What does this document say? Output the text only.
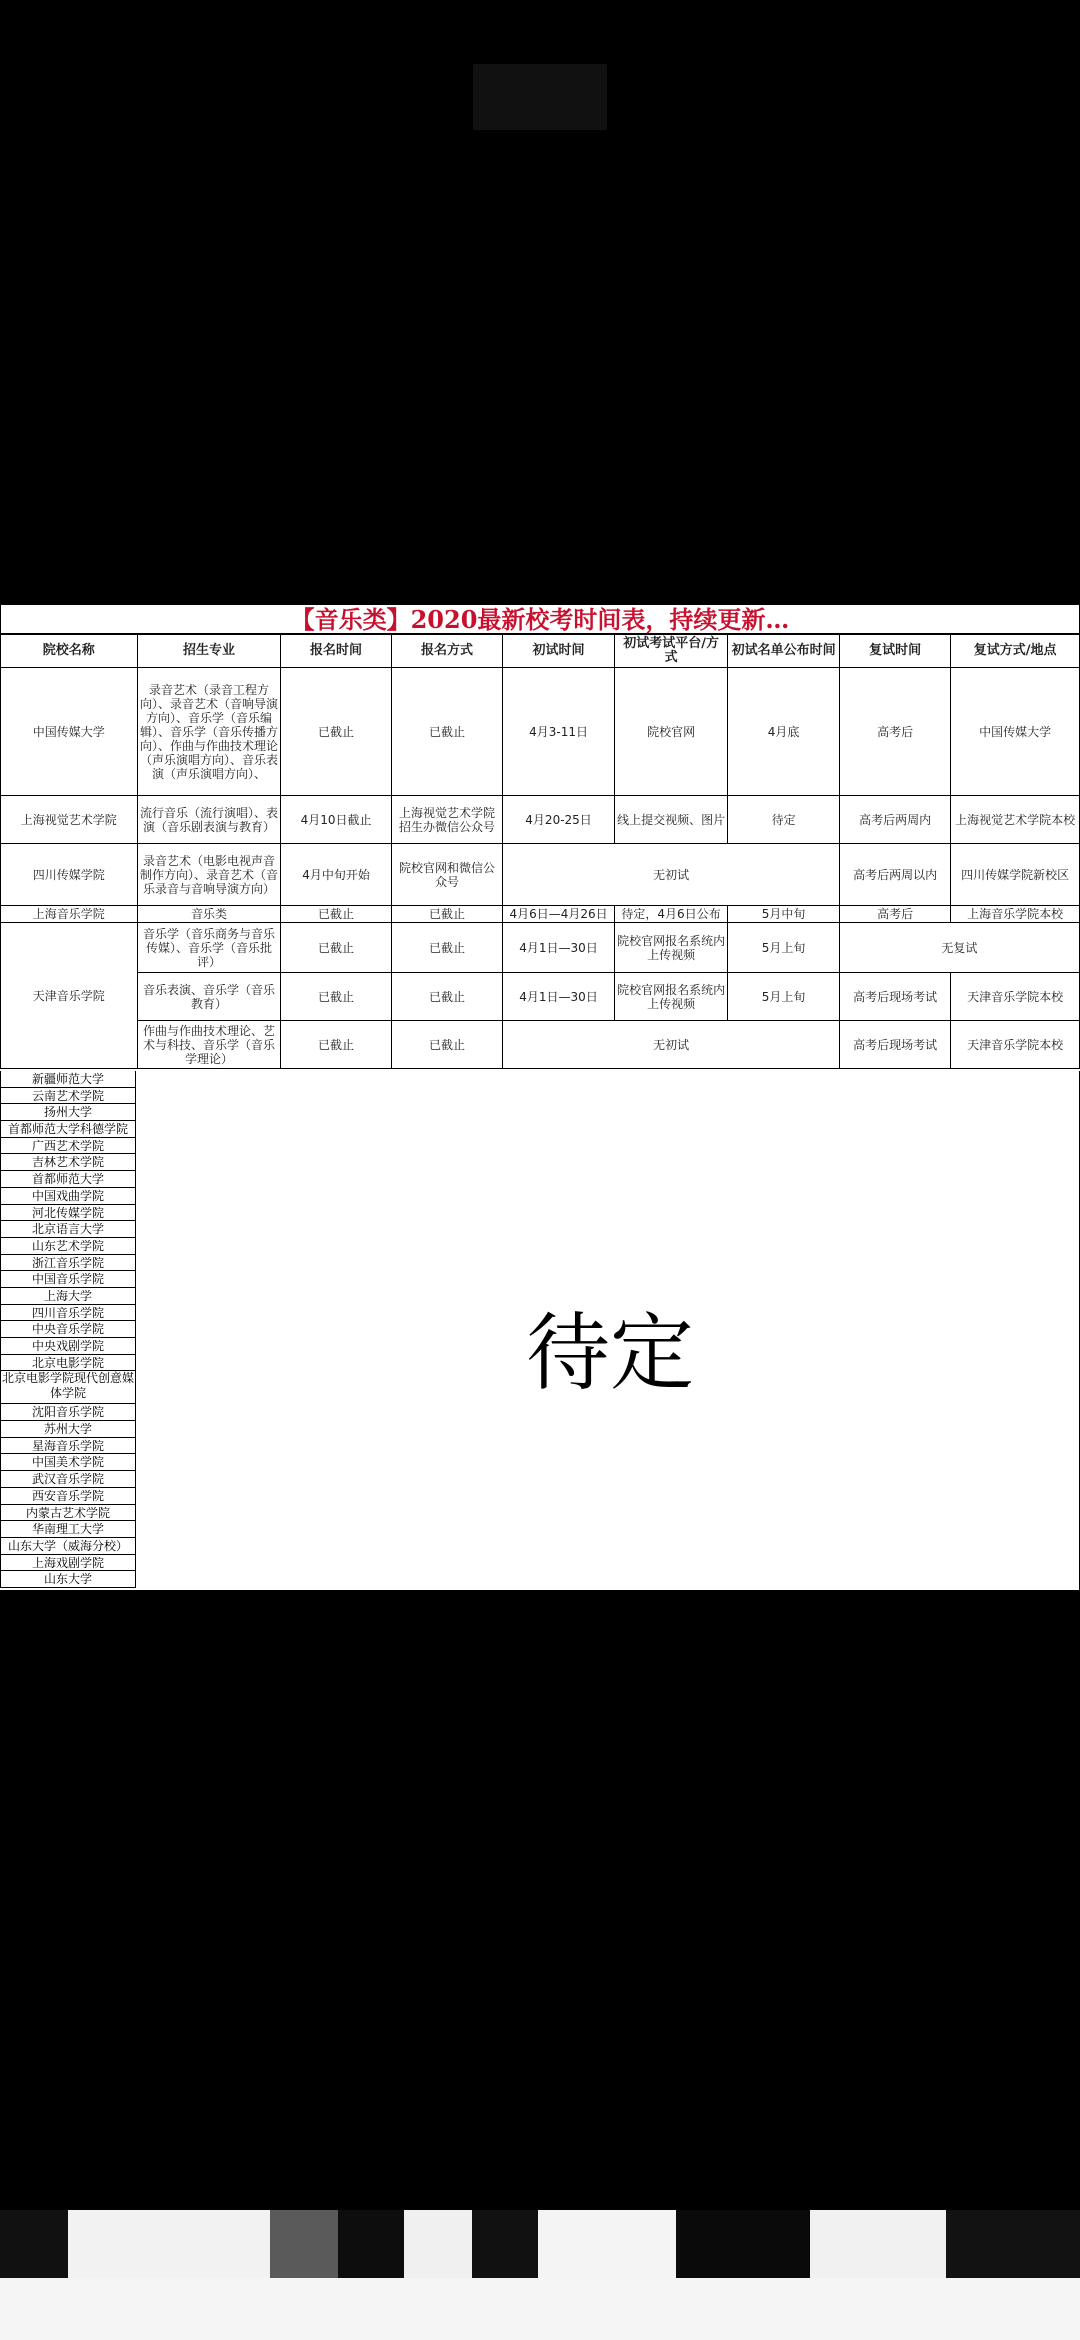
【音乐类】2020最新校考时间表，持续更新…
院校名称	招生专业	报名时间	报名方式	初试时间	初试考试平台/方式	初试名单公布时间	复试时间	复试方式/地点
中国传媒大学	录音艺术（录音工程方向）、录音艺术（音响导演方向）、音乐学（音乐编辑）、音乐学（音乐传播方向）、作曲与作曲技术理论（声乐演唱方向）、音乐表演（声乐演唱方向）、	已截止	已截止	4月3-11日	院校官网	4月底	高考后	中国传媒大学
上海视觉艺术学院	流行音乐（流行演唱）、表演（音乐剧表演与教育）	4月10日截止	上海视觉艺术学院招生办微信公众号	4月20-25日	线上提交视频、图片	待定	高考后两周内	上海视觉艺术学院本校
四川传媒学院	录音艺术（电影电视声音制作方向）、录音艺术（音乐录音与音响导演方向）	4月中旬开始	院校官网和微信公众号	无初试			高考后两周以内	四川传媒学院新校区
上海音乐学院	音乐类	已截止	已截止	4月6日—4月26日	待定，4月6日公布	5月中旬	高考后	上海音乐学院本校
天津音乐学院	音乐学（音乐商务与音乐传媒）、音乐学（音乐批评）	已截止	已截止	4月1日—30日	院校官网报名系统内上传视频	5月上旬	无复试	
	音乐表演、音乐学（音乐教育）	已截止	已截止	4月1日—30日	院校官网报名系统内上传视频	5月上旬	高考后现场考试	天津音乐学院本校
	作曲与作曲技术理论、艺术与科技、音乐学（音乐学理论）	已截止	已截止	无初试			高考后现场考试	天津音乐学院本校
新疆师范大学
云南艺术学院
扬州大学
首都师范大学科德学院
广西艺术学院
吉林艺术学院
首都师范大学
中国戏曲学院
河北传媒学院
北京语言大学
山东艺术学院
浙江音乐学院
中国音乐学院
上海大学
四川音乐学院
中央音乐学院
中央戏剧学院
北京电影学院
北京电影学院现代创意媒体学院
沈阳音乐学院
苏州大学
星海音乐学院
中国美术学院
武汉音乐学院
西安音乐学院
内蒙古艺术学院
华南理工大学
山东大学（威海分校）
上海戏剧学院
山东大学
待定
